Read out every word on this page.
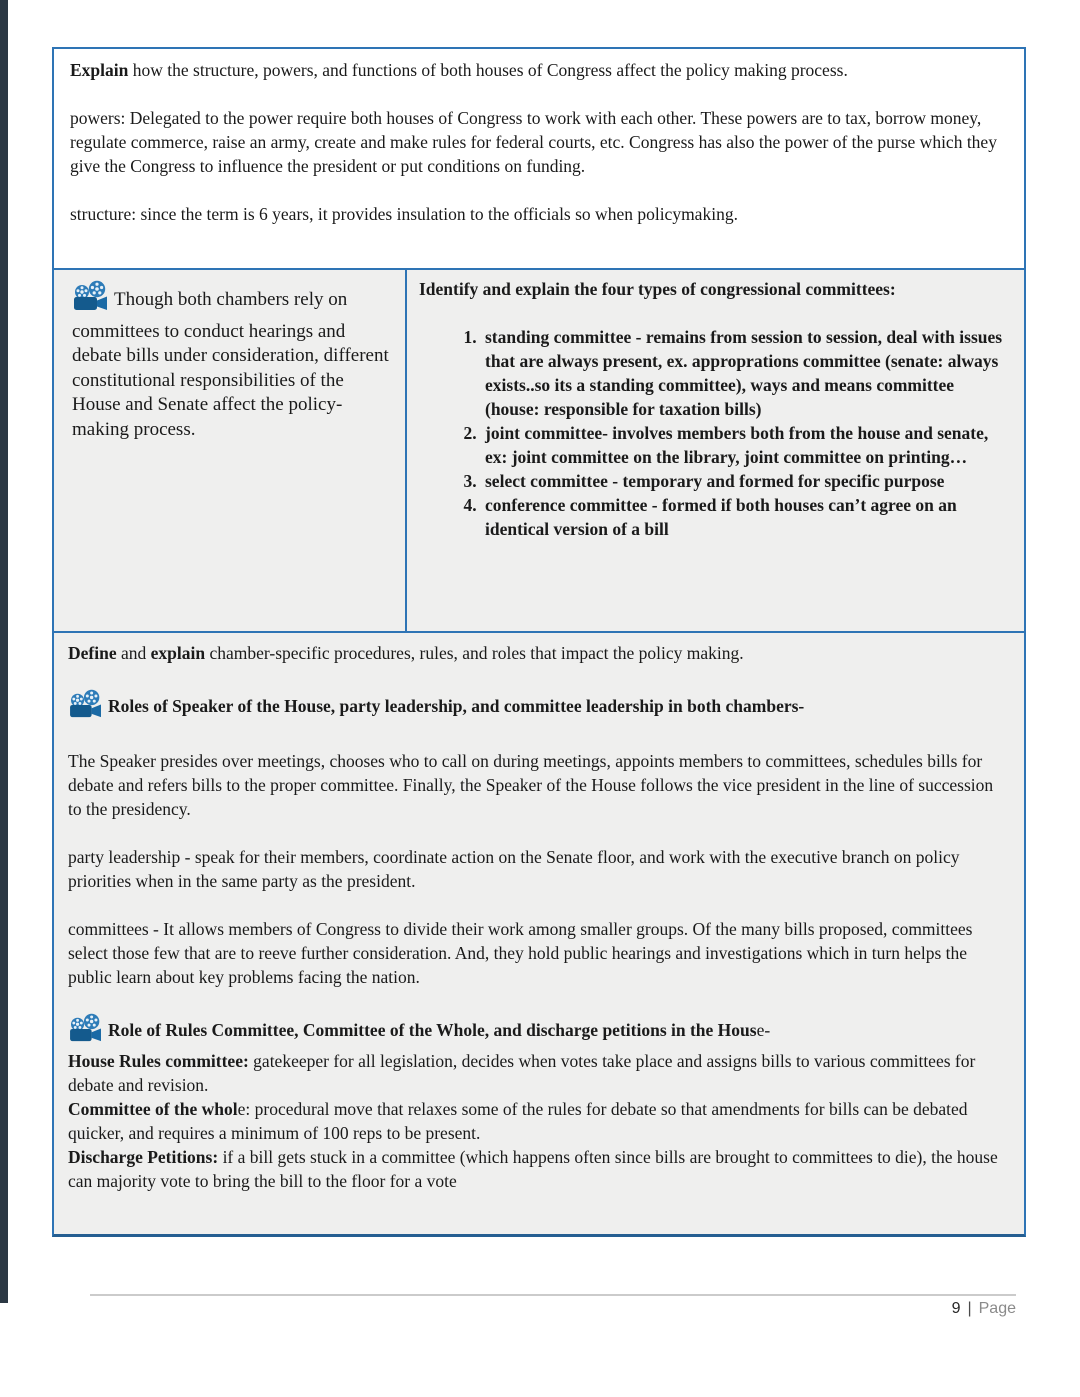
Explain how the structure, powers, and functions of both houses of Congress affect the policy making process.

powers: Delegated to the power require both houses of Congress to work with each other. These powers are to tax, borrow money, regulate commerce, raise an army, create and make rules for federal courts, etc. Congress has also the power of the purse which they give the Congress to influence the president or put conditions on funding.

structure: since the term is 6 years, it provides insulation to the officials so when policymaking.

Though both chambers rely on committees to conduct hearings and debate bills under consideration, different constitutional responsibilities of the House and Senate affect the policy-making process.

Identify and explain the four types of congressional committees:

1. standing committee - remains from session to session, deal with issues that are always present, ex. approprations committee (senate: always exists..so its a standing committee), ways and means committee (house: responsible for taxation bills)
2. joint committee- involves members both from the house and senate, ex: joint committee on the library, joint committee on printing…
3. select committee - temporary and formed for specific purpose
4. conference committee - formed if both houses can’t agree on an identical version of a bill

Define and explain chamber-specific procedures, rules, and roles that impact the policy making.

Roles of Speaker of the House, party leadership, and committee leadership in both chambers-

The Speaker presides over meetings, chooses who to call on during meetings, appoints members to committees, schedules bills for debate and refers bills to the proper committee. Finally, the Speaker of the House follows the vice president in the line of succession to the presidency.

party leadership - speak for their members, coordinate action on the Senate floor, and work with the executive branch on policy priorities when in the same party as the president.

committees - It allows members of Congress to divide their work among smaller groups. Of the many bills proposed, committees select those few that are to reeve further consideration. And, they hold public hearings and investigations which in turn helps the public learn about key problems facing the nation.

Role of Rules Committee, Committee of the Whole, and discharge petitions in the House-

House Rules committee: gatekeeper for all legislation, decides when votes take place and assigns bills to various committees for debate and revision.

Committee of the whole: procedural move that relaxes some of the rules for debate so that amendments for bills can be debated quicker, and requires a minimum of 100 reps to be present.

Discharge Petitions: if a bill gets stuck in a committee (which happens often since bills are brought to committees to die), the house can majority vote to bring the bill to the floor for a vote

9 | Page
